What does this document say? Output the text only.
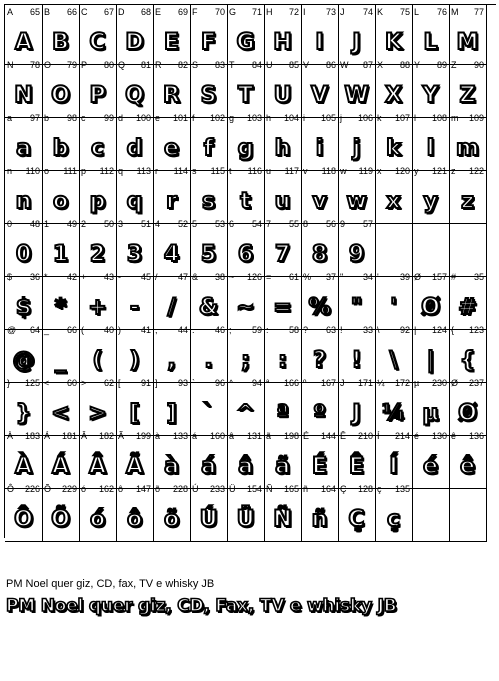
A 65
A
B 66
B
C 67
C
D 68
D
E 69
E
F 70
F
G 71
G
H 72
H
I 73
I
J 74
J
K 75
K
L 76
L
M 77
M
N 78
N
O 79
O
P 80
P
Q 81
Q
R 82
R
S 83
S
T 84
T
U 85
U
V 86
V
W 87
W
X 88
X
Y 89
Y
Z 90
Z
a 97
a
b 98
b
c 99
c
d 100
d
e 101
e
f 102
f
g 103
g
h 104
h
i 105
i
j 106
j
k 107
k
l 108
l
m 109
m
n 110
n
o 111
o
p 112
p
q 113
q
r 114
r
s 115
s
t 116
t
u 117
u
v 118
v
w 119
w
x 120
x
y 121
y
z 122
z
0 48
0
1 49
1
2 50
2
3 51
3
4 52
4
5 53
5
6 54
6
7 55
7
8 56
8
9 57
9
$ 36
$
* 42
*
+ 43
+
- 45
-
/ 47
/
& 38
&
~ 126
~
= 61
=
% 37
%
" 34
"
' 39
'
Ø 157
Ø
# 35
#
@ 64
@
_ 66
_
( 40
(
) 41
)
, 44
,
. 46
.
; 59
;
: 58
:
? 63
?
! 33
!
\ 92
\
| 124
|
{ 123
{
} 125
}
< 60
<
> 62
>
[ 91
[
] 93
]
` 96
`
^ 94
^
ª 166
ª
º 167
º
J 171
J
¼ 172
¼
µ 230
µ
Ø 237
Ø
À 183
À
Á 181
Á
Â 182
Â
Ã 199
Ã
à 133
à
á 160
á
â 131
â
ã 198
ã
É 144
É
Ê 210
Ê
Í 214
Í
é 130
é
ê 136
ê
Ô 226
Ô
Õ 229
Õ
ó 162
ó
ô 147
ô
õ 228
õ
Ú 233
Ú
Ü 154
Ü
Ñ 165
Ñ
ñ 164
ñ
Ç 128
Ç
ç 135
ç
PM Noel quer giz, CD, fax, TV e whisky JB
PM Noel quer giz, CD, Fax, TV e whisky JB
